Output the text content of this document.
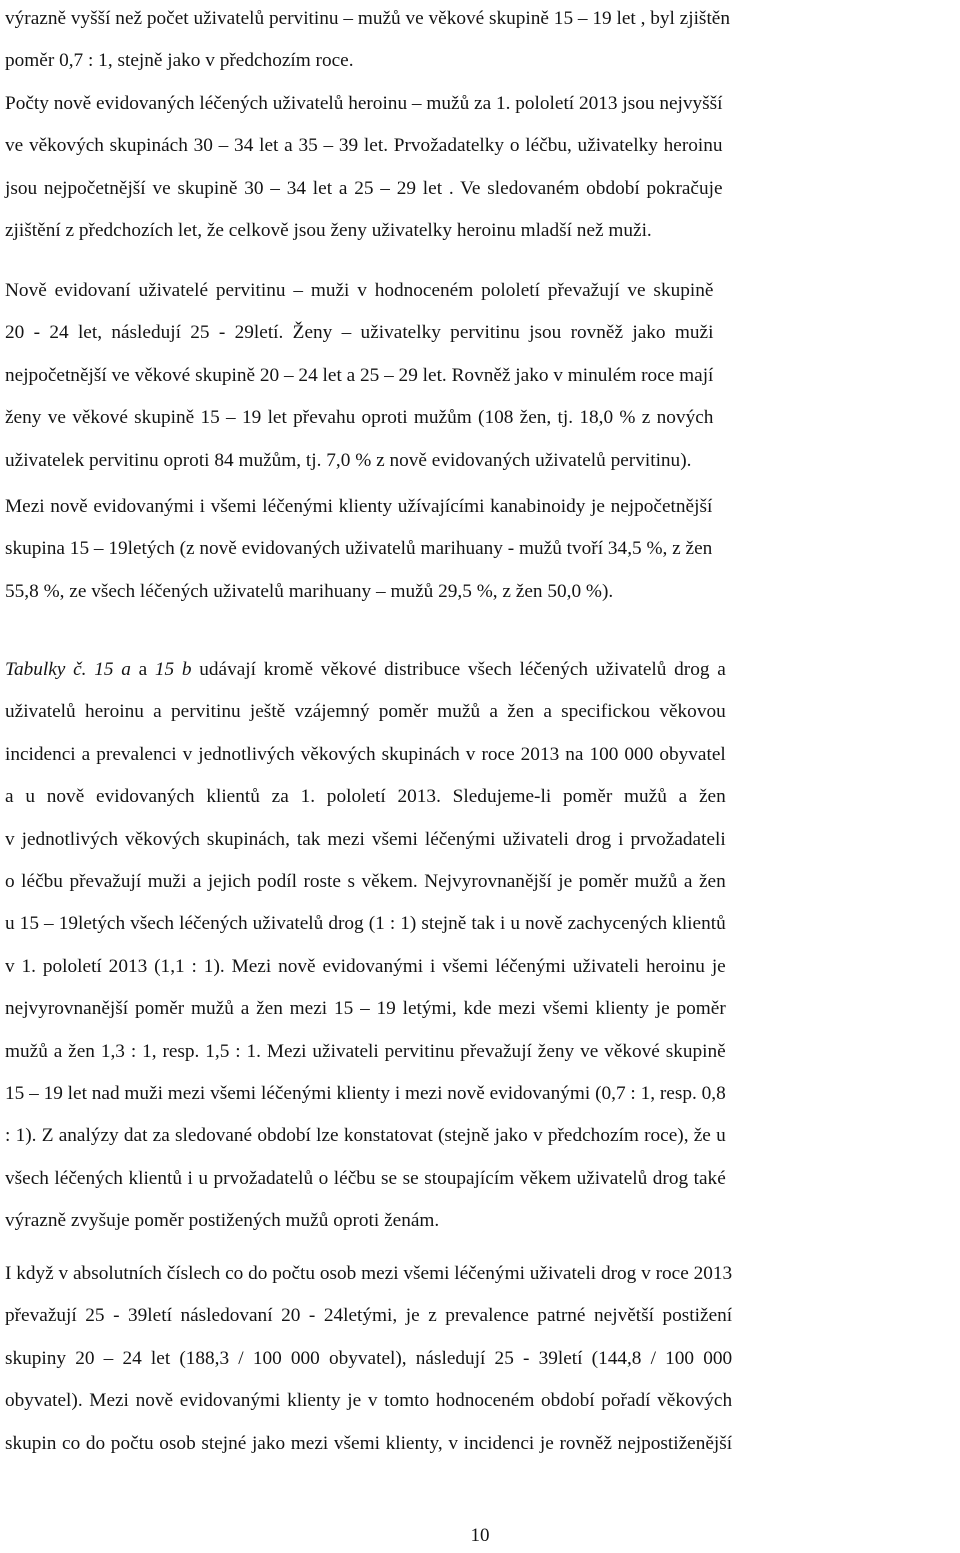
výrazně vyšší než počet uživatelů pervitinu – mužů ve věkové skupině 15 – 19 let , byl zjištěn
poměr 0,7 : 1, stejně jako v předchozím roce.
Počty nově evidovaných léčených uživatelů heroinu – mužů za 1. pololetí 2013 jsou nejvyšší
ve věkových skupinách 30 – 34 let a 35 – 39 let. Prvožadatelky o léčbu, uživatelky heroinu
jsou nejpočetnější ve skupině 30 – 34 let a 25 – 29 let . Ve sledovaném období pokračuje
zjištění z předchozích let, že celkově jsou ženy uživatelky heroinu mladší než muži.
Nově evidovaní uživatelé pervitinu – muži v hodnoceném pololetí převažují ve skupině
20 - 24 let, následují 25 - 29letí. Ženy – uživatelky pervitinu jsou rovněž jako muži
nejpočetnější ve věkové skupině 20 – 24 let a 25 – 29 let. Rovněž jako v minulém roce mají
ženy ve věkové skupině 15 – 19 let převahu oproti mužům (108 žen, tj. 18,0 % z nových
uživatelek pervitinu oproti 84 mužům, tj. 7,0 % z nově evidovaných uživatelů pervitinu).
Mezi nově evidovanými i všemi léčenými klienty užívajícími kanabinoidy je nejpočetnější
skupina 15 – 19letých (z nově evidovaných uživatelů marihuany - mužů tvoří 34,5 %, z žen
55,8 %, ze všech léčených uživatelů marihuany – mužů 29,5 %, z žen 50,0 %).
Tabulky č. 15 a a 15 b udávají kromě věkové distribuce všech léčených uživatelů drog a
uživatelů heroinu a pervitinu ještě vzájemný poměr mužů a žen a specifickou věkovou
incidenci a prevalenci v jednotlivých věkových skupinách v roce 2013 na 100 000 obyvatel
a u nově evidovaných klientů za 1. pololetí 2013. Sledujeme-li poměr mužů a žen
v jednotlivých věkových skupinách, tak mezi všemi léčenými uživateli drog i prvožadateli
o léčbu převažují muži a jejich podíl roste s věkem. Nejvyrovnanější je poměr mužů a žen
u 15 – 19letých všech léčených uživatelů drog (1 : 1) stejně tak i u nově zachycených klientů
v 1. pololetí 2013 (1,1 : 1). Mezi nově evidovanými i všemi léčenými uživateli heroinu je
nejvyrovnanější poměr mužů a žen mezi 15 – 19 letými, kde mezi všemi klienty je poměr
mužů a žen 1,3 : 1, resp. 1,5 : 1. Mezi uživateli pervitinu převažují ženy ve věkové skupině
15 – 19 let nad muži mezi všemi léčenými klienty i mezi nově evidovanými (0,7 : 1, resp. 0,8
: 1). Z analýzy dat za sledované období lze konstatovat (stejně jako v předchozím roce), že u
všech léčených klientů i u prvožadatelů o léčbu se se stoupajícím věkem uživatelů drog také
výrazně zvyšuje poměr postižených mužů oproti ženám.
I když v absolutních číslech co do počtu osob mezi všemi léčenými uživateli drog v roce 2013
převažují 25 - 39letí následovaní 20 - 24letými, je z prevalence patrné největší postižení
skupiny 20 – 24 let (188,3 / 100 000 obyvatel), následují 25 - 39letí (144,8 / 100 000
obyvatel). Mezi nově evidovanými klienty je v tomto hodnoceném období pořadí věkových
skupin co do počtu osob stejné jako mezi všemi klienty, v incidenci je rovněž nejpostiženější
10
